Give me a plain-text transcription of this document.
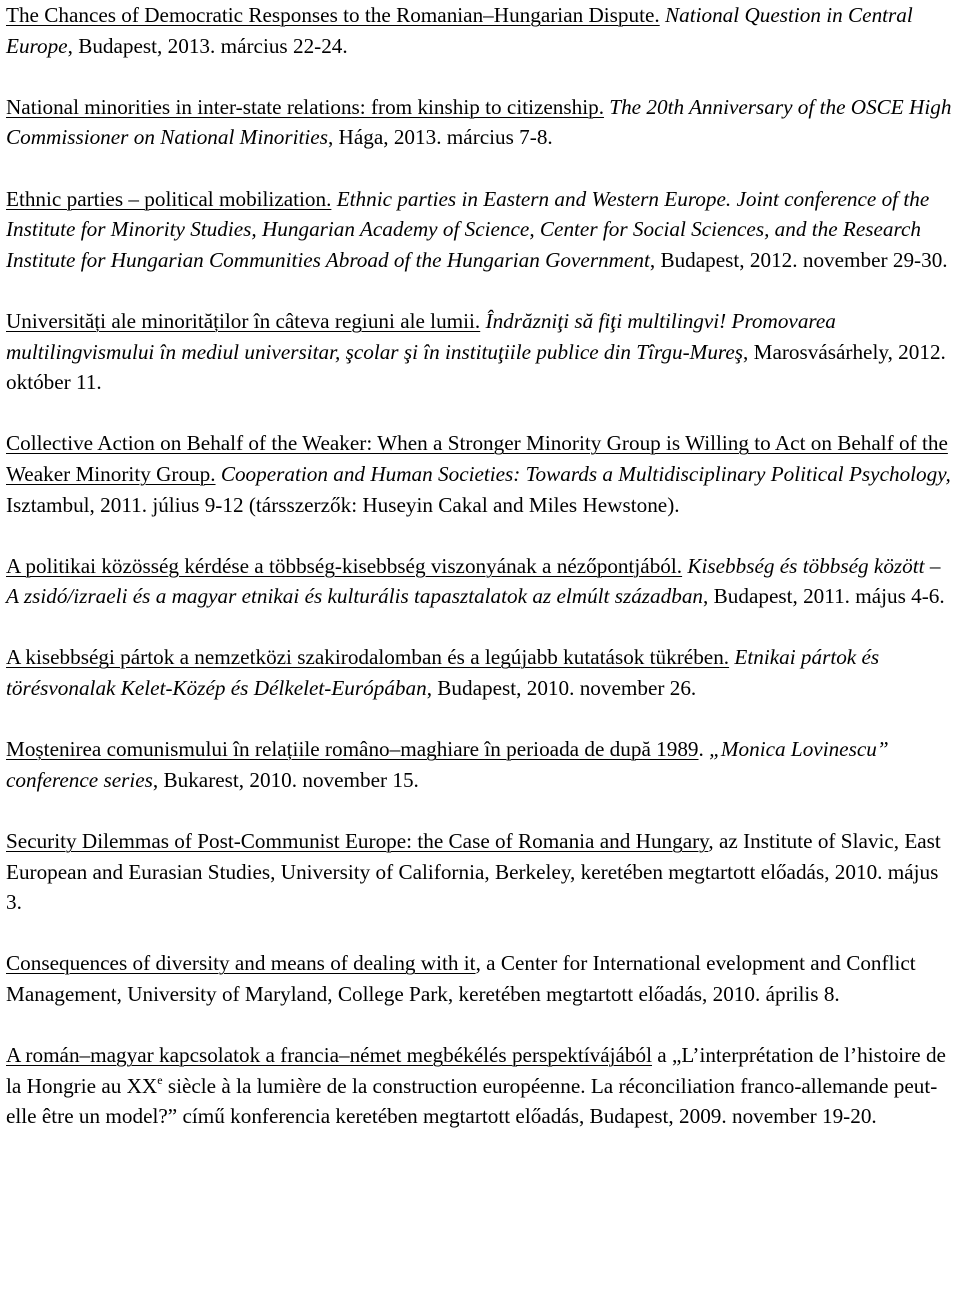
The Chances of Democratic Responses to the Romanian–Hungarian Dispute. National Question in Central Europe, Budapest, 2013. március 22-24.

National minorities in inter-state relations: from kinship to citizenship. The 20th Anniversary of the OSCE High Commissioner on National Minorities, Hága, 2013. március 7-8.

Ethnic parties – political mobilization. Ethnic parties in Eastern and Western Europe. Joint conference of the Institute for Minority Studies, Hungarian Academy of Science, Center for Social Sciences, and the Research Institute for Hungarian Communities Abroad of the Hungarian Government, Budapest, 2012. november 29-30.

Universități ale minorităților în câteva regiuni ale lumii. Îndrăzniţi să fiţi multilingvi! Promovarea multilingvismului în mediul universitar, şcolar şi în instituţiile publice din Tîrgu-Mureş, Marosvásárhely, 2012. október 11.

Collective Action on Behalf of the Weaker: When a Stronger Minority Group is Willing to Act on Behalf of the Weaker Minority Group. Cooperation and Human Societies: Towards a Multidisciplinary Political Psychology, Isztambul, 2011. július 9-12 (társszerzők: Huseyin Cakal and Miles Hewstone).

A politikai közösség kérdése a többség-kisebbség viszonyának a nézőpontjából. Kisebbség és többség között – A zsidó/izraeli és a magyar etnikai és kulturális tapasztalatok az elmúlt században, Budapest, 2011. május 4-6.

A kisebbségi pártok a nemzetközi szakirodalomban és a legújabb kutatások tükrében. Etnikai pártok és törésvonalak Kelet-Közép és Délkelet-Európában, Budapest, 2010. november 26.

Moștenirea comunismului în relațiile româno–maghiare în perioada de după 1989. „Monica Lovinescu” conference series, Bukarest, 2010. november 15.

Security Dilemmas of Post-Communist Europe: the Case of Romania and Hungary, az Institute of Slavic, East European and Eurasian Studies, University of California, Berkeley, keretében megtartott előadás, 2010. május 3.

Consequences of diversity and means of dealing with it, a Center for International evelopment and Conflict Management, University of Maryland, College Park, keretében megtartott előadás, 2010. április 8.

A román–magyar kapcsolatok a francia–német megbékélés perspektívájából a „L’interprétation de l’histoire de la Hongrie au XXe siècle à la lumière de la construction européenne. La réconciliation franco-allemande peut-elle être un model?” című konferencia keretében megtartott előadás, Budapest, 2009. november 19-20.
